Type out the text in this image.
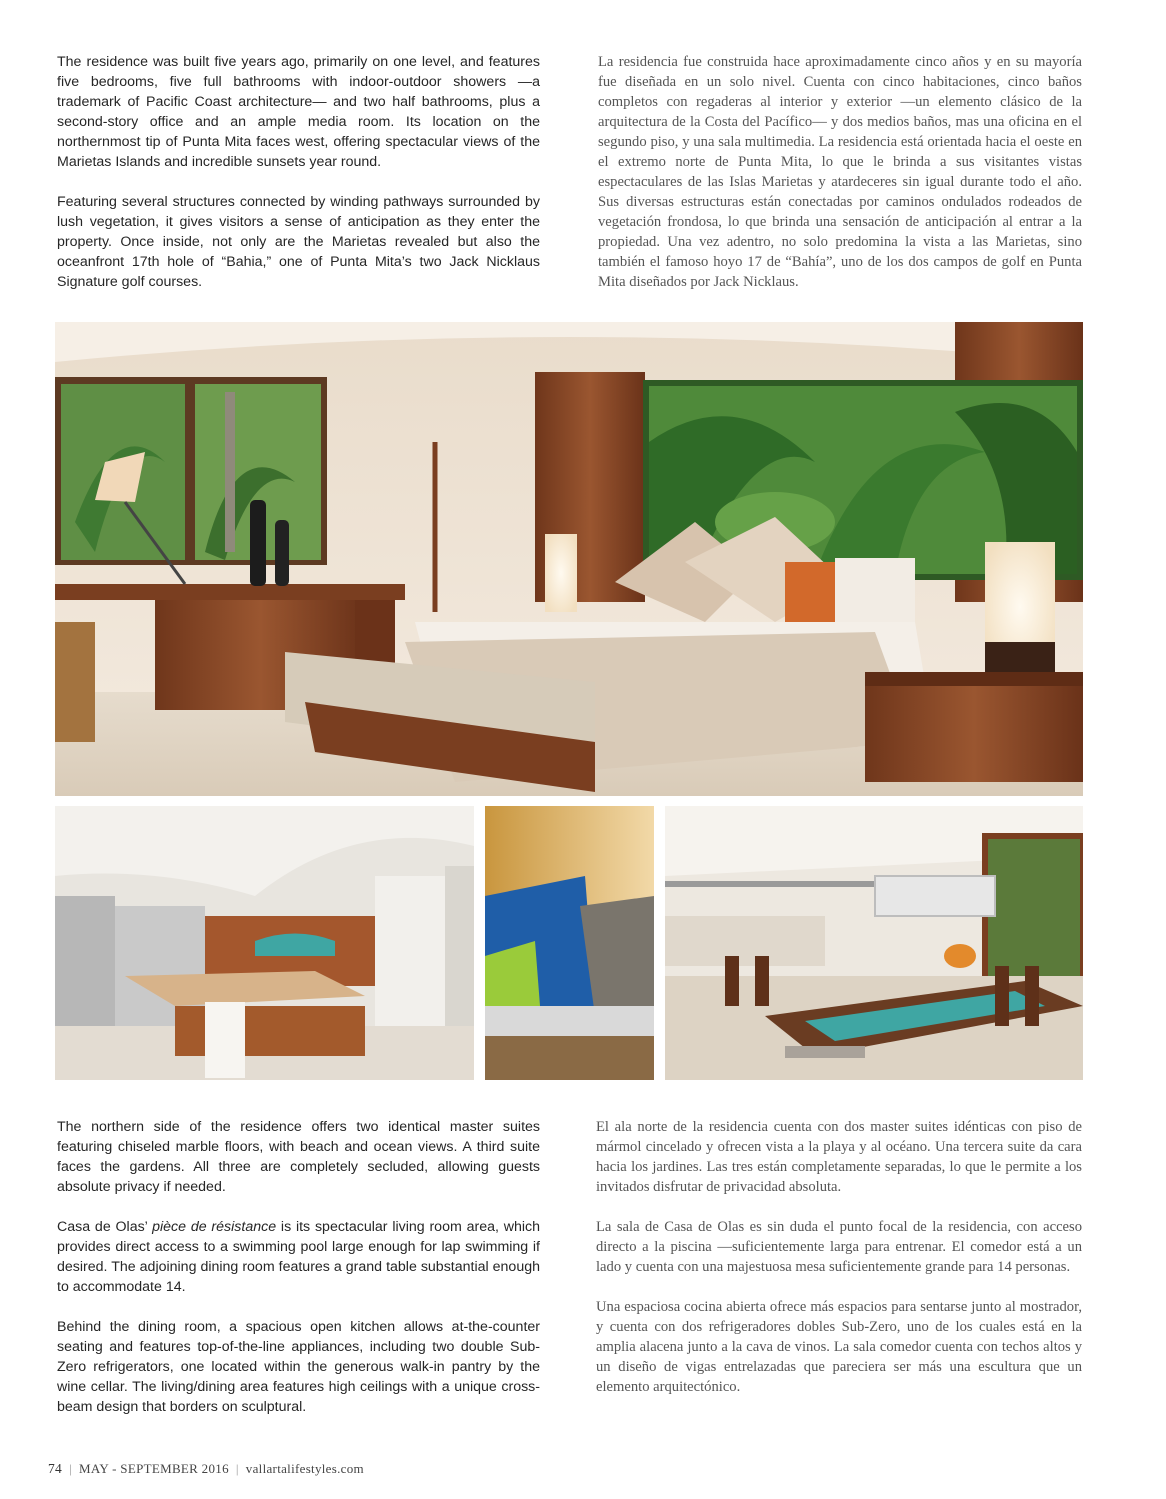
The residence was built five years ago, primarily on one level, and features five bedrooms, five full bathrooms with indoor-outdoor showers —a trademark of Pacific Coast architecture— and two half bathrooms, plus a second-story office and an ample media room. Its location on the northernmost tip of Punta Mita faces west, offering spectacular views of the Marietas Islands and incredible sunsets year round.

Featuring several structures connected by winding pathways surrounded by lush vegetation, it gives visitors a sense of anticipation as they enter the property. Once inside, not only are the Marietas revealed but also the oceanfront 17th hole of “Bahia,” one of Punta Mita’s two Jack Nicklaus Signature golf courses.

La residencia fue construida hace aproximadamente cinco años y en su mayoría fue diseñada en un solo nivel. Cuenta con cinco habitaciones, cinco baños completos con regaderas al interior y exterior —un elemento clásico de la arquitectura de la Costa del Pacífico— y dos medios baños, mas una oficina en el segundo piso, y una sala multimedia. La residencia está orientada hacia el oeste en el extremo norte de Punta Mita, lo que le brinda a sus visitantes vistas espectaculares de las Islas Marietas y atardeceres sin igual durante todo el año. Sus diversas estructuras están conectadas por caminos ondulados rodeados de vegetación frondosa, lo que brinda una sensación de anticipación al entrar a la propiedad. Una vez adentro, no solo predomina la vista a las Marietas, sino también el famoso hoyo 17 de “Bahía”, uno de los dos campos de golf en Punta Mita diseñados por Jack Nicklaus.

The northern side of the residence offers two identical master suites featuring chiseled marble floors, with beach and ocean views. A third suite faces the gardens. All three are completely secluded, allowing guests absolute privacy if needed.

Casa de Olas’ pièce de résistance is its spectacular living room area, which provides direct access to a swimming pool large enough for lap swimming if desired. The adjoining dining room features a grand table substantial enough to accommodate 14.

Behind the dining room, a spacious open kitchen allows at-the-counter seating and features top-of-the-line appliances, including two double Sub-Zero refrigerators, one located within the generous walk-in pantry by the wine cellar. The living/dining area features high ceilings with a unique cross-beam design that borders on sculptural.

El ala norte de la residencia cuenta con dos master suites idénticas con piso de mármol cincelado y ofrecen vista a la playa y al océano. Una tercera suite da cara hacia los jardines. Las tres están completamente separadas, lo que le permite a los invitados disfrutar de privacidad absoluta.

La sala de Casa de Olas es sin duda el punto focal de la residencia, con acceso directo a la piscina —suficientemente larga para entrenar. El comedor está a un lado y cuenta con una majestuosa mesa suficientemente grande para 14 personas.

Una espaciosa cocina abierta ofrece más espacios para sentarse junto al mostrador, y cuenta con dos refrigeradores dobles Sub-Zero, uno de los cuales está en la amplia alacena junto a la cava de vinos. La sala comedor cuenta con techos altos y un diseño de vigas entrelazadas que pareciera ser más una escultura que un elemento arquitectónico.

74 | MAY - SEPTEMBER 2016 | vallartalifestyles.com
